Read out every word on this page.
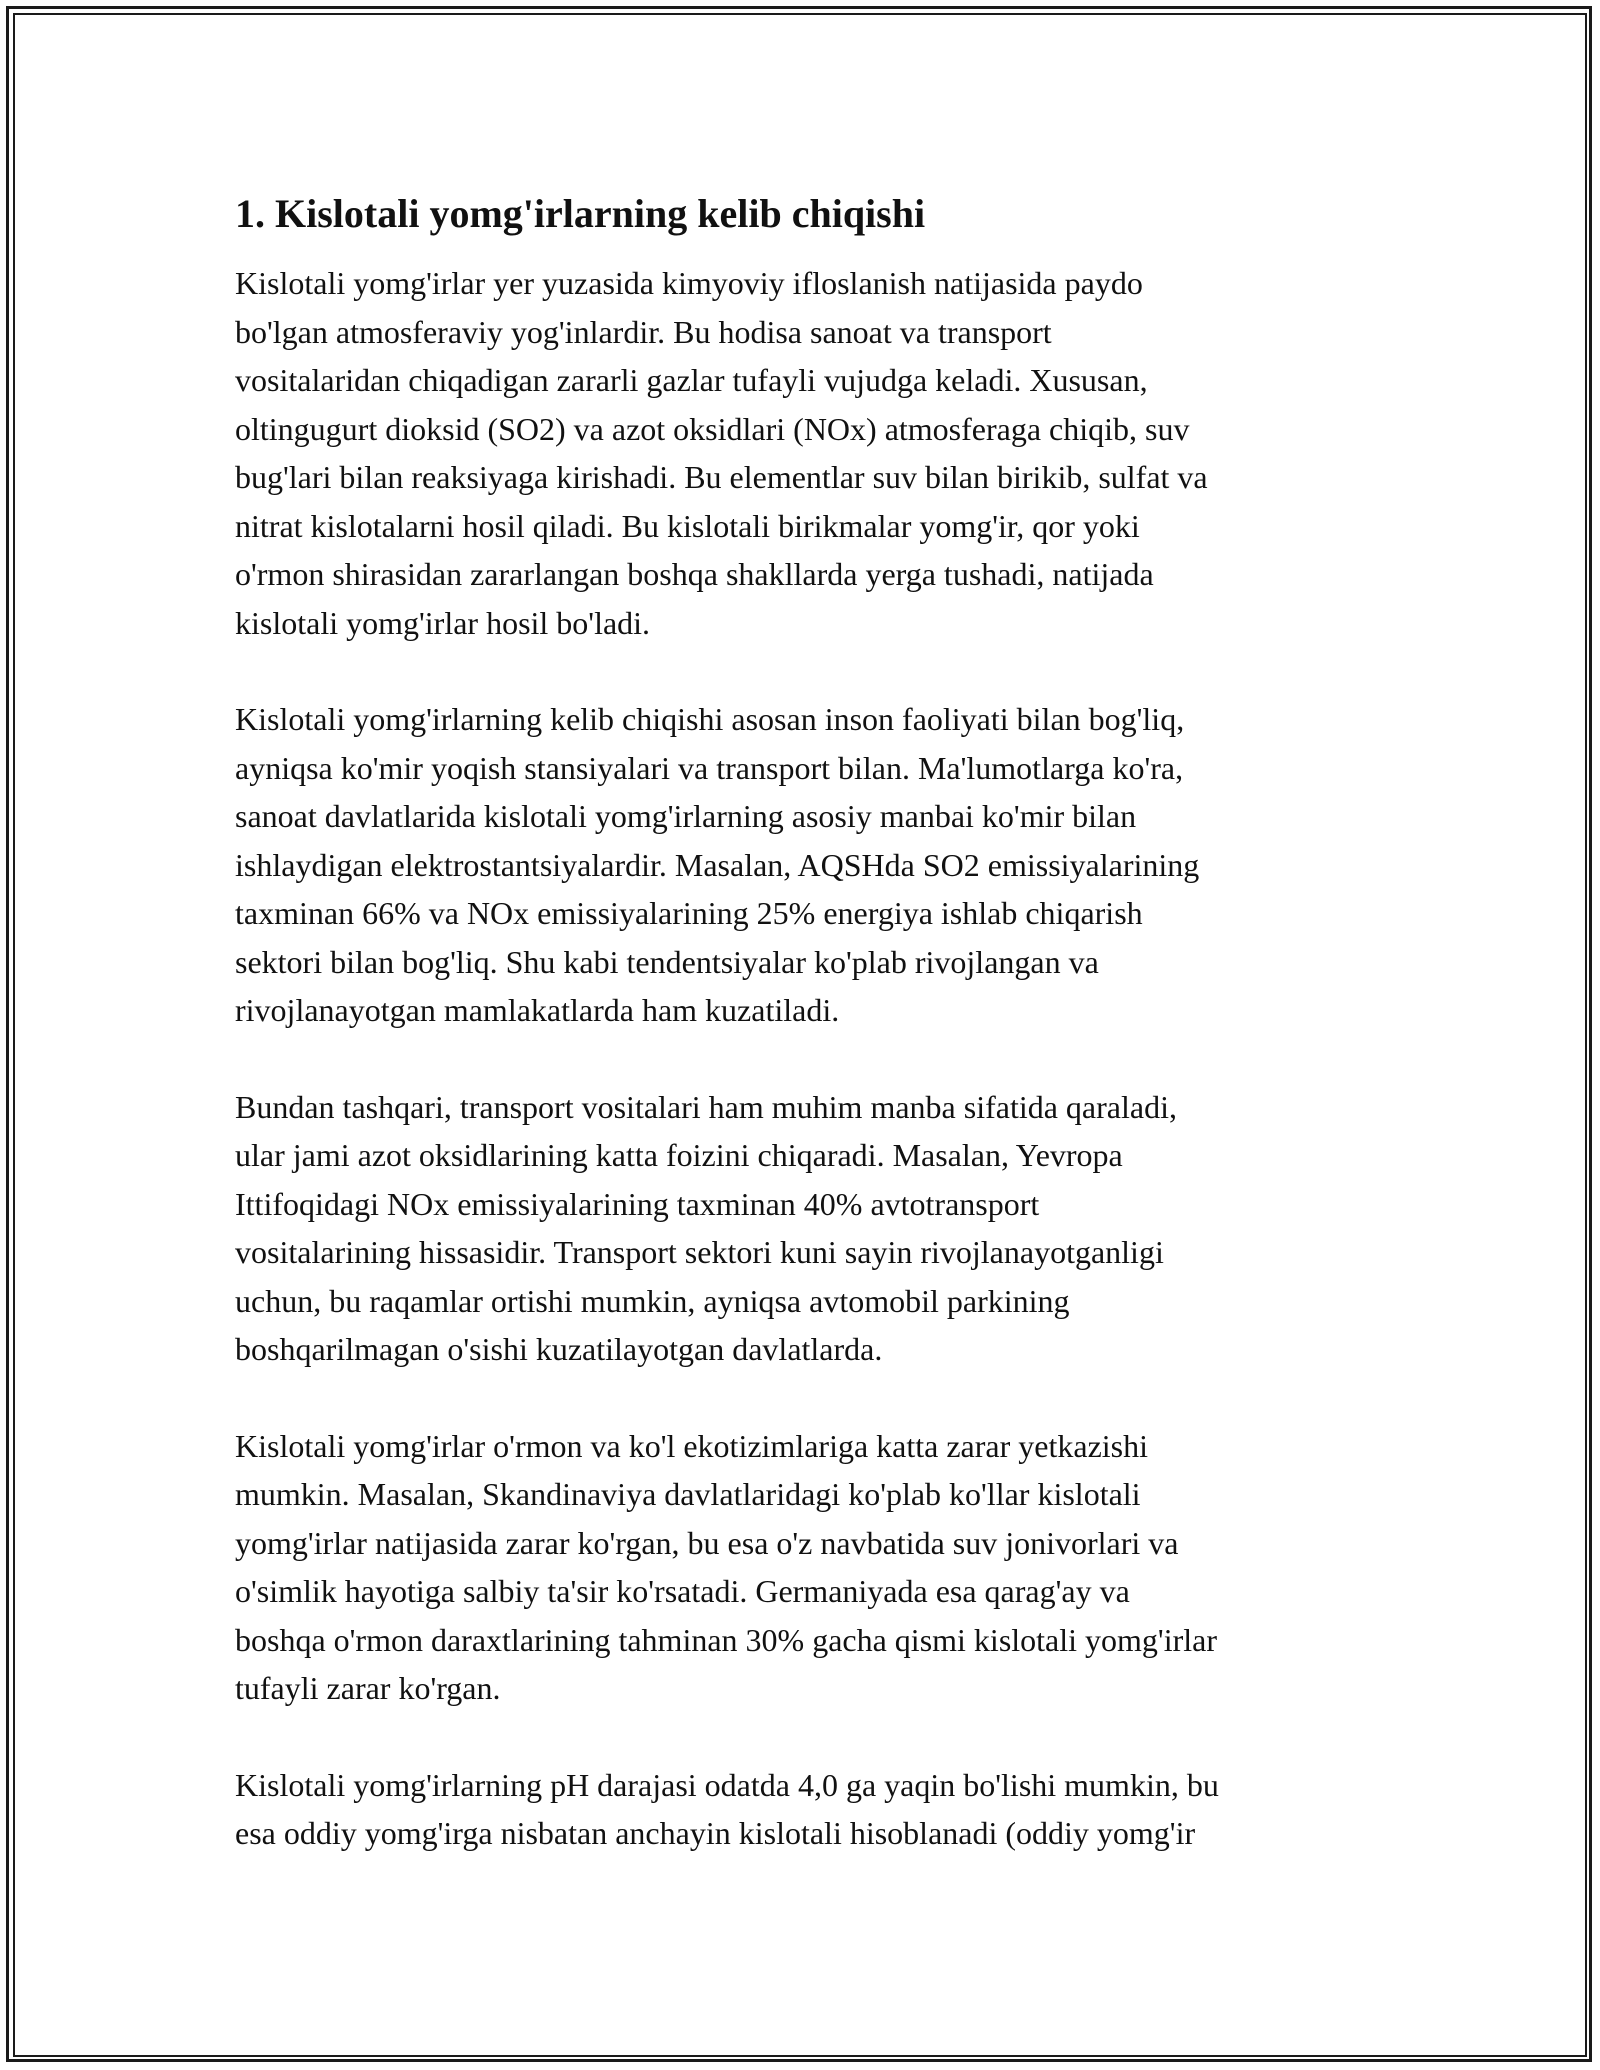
1. Kislotali yomg'irlarning kelib chiqishi

Kislotali yomg'irlar yer yuzasida kimyoviy ifloslanish natijasida paydo
bo'lgan atmosferaviy yog'inlardir. Bu hodisa sanoat va transport
vositalaridan chiqadigan zararli gazlar tufayli vujudga keladi. Xususan,
oltingugurt dioksid (SO2) va azot oksidlari (NOx) atmosferaga chiqib, suv
bug'lari bilan reaksiyaga kirishadi. Bu elementlar suv bilan birikib, sulfat va
nitrat kislotalarni hosil qiladi. Bu kislotali birikmalar yomg'ir, qor yoki
o'rmon shirasidan zararlangan boshqa shakllarda yerga tushadi, natijada
kislotali yomg'irlar hosil bo'ladi.

Kislotali yomg'irlarning kelib chiqishi asosan inson faoliyati bilan bog'liq,
ayniqsa ko'mir yoqish stansiyalari va transport bilan. Ma'lumotlarga ko'ra,
sanoat davlatlarida kislotali yomg'irlarning asosiy manbai ko'mir bilan
ishlaydigan elektrostantsiyalardir. Masalan, AQSHda SO2 emissiyalarining
taxminan 66% va NOx emissiyalarining 25% energiya ishlab chiqarish
sektori bilan bog'liq. Shu kabi tendentsiyalar ko'plab rivojlangan va
rivojlanayotgan mamlakatlarda ham kuzatiladi.

Bundan tashqari, transport vositalari ham muhim manba sifatida qaraladi,
ular jami azot oksidlarining katta foizini chiqaradi. Masalan, Yevropa
Ittifoqidagi NOx emissiyalarining taxminan 40% avtotransport
vositalarining hissasidir. Transport sektori kuni sayin rivojlanayotganligi
uchun, bu raqamlar ortishi mumkin, ayniqsa avtomobil parkining
boshqarilmagan o'sishi kuzatilayotgan davlatlarda.

Kislotali yomg'irlar o'rmon va ko'l ekotizimlariga katta zarar yetkazishi
mumkin. Masalan, Skandinaviya davlatlaridagi ko'plab ko'llar kislotali
yomg'irlar natijasida zarar ko'rgan, bu esa o'z navbatida suv jonivorlari va
o'simlik hayotiga salbiy ta'sir ko'rsatadi. Germaniyada esa qarag'ay va
boshqa o'rmon daraxtlarining tahminan 30% gacha qismi kislotali yomg'irlar
tufayli zarar ko'rgan.

Kislotali yomg'irlarning pH darajasi odatda 4,0 ga yaqin bo'lishi mumkin, bu
esa oddiy yomg'irga nisbatan anchayin kislotali hisoblanadi (oddiy yomg'ir
